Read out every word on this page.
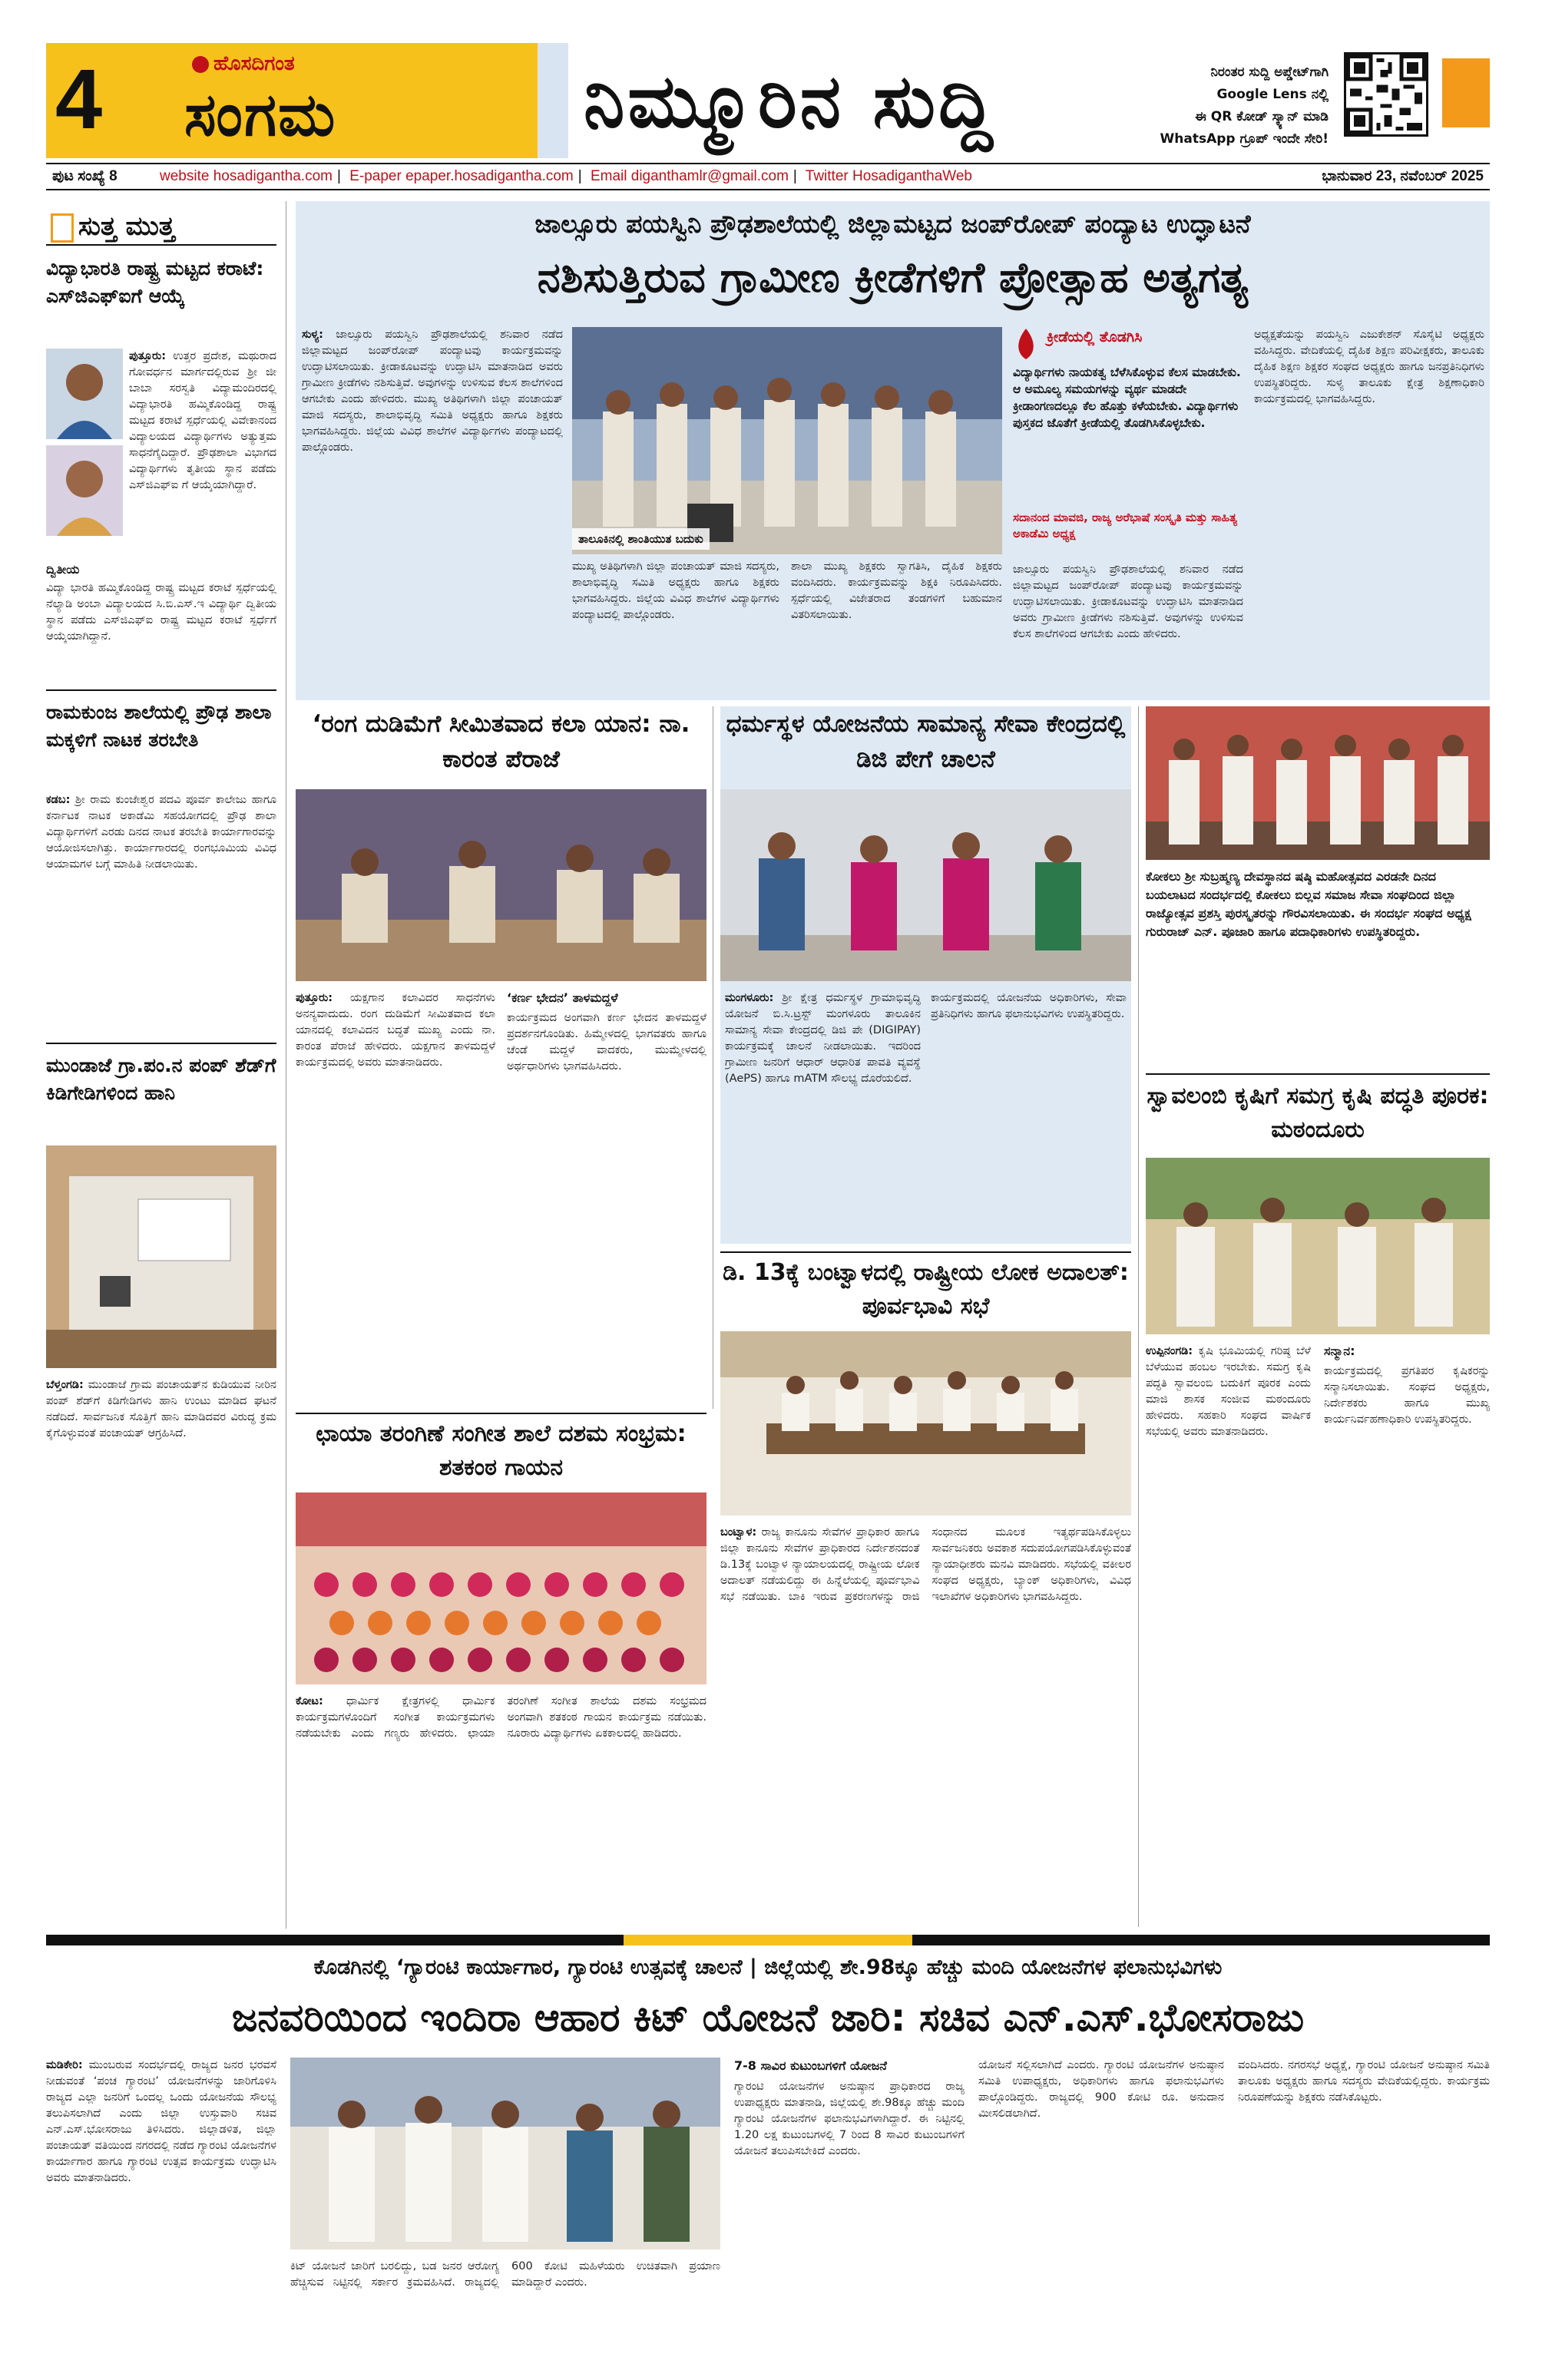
4	ಹೊಸದಿಗಂತ
ಸಂಗಮ	ನಿಮ್ಮೂರಿನ ಸುದ್ದಿ	ನಿರಂತರ ಸುದ್ದಿ ಅಪ್ಡೇಟ್‌ಗಾಗಿ
Google Lens ನಲ್ಲಿ
ಈ QR ಕೋಡ್ ಸ್ಕ್ಯಾನ್ ಮಾಡಿ
WhatsApp ಗ್ರೂಪ್ ಇಂದೇ ಸೇರಿ!
ಪುಟ ಸಂಖ್ಯೆ 8	website hosadigantha.com | E-paper epaper.hosadigantha.com | Email diganthamlr@gmail.com | Twitter HosadiganthaWeb	ಭಾನುವಾರ 23, ನವೆಂಬರ್ 2025
ಸುತ್ತ ಮುತ್ತ
ವಿದ್ಯಾಭಾರತಿ ರಾಷ್ಟ್ರ ಮಟ್ಟದ ಕರಾಟೆ: ಎಸ್‌ಜಿಎಫ್‌ಐಗೆ ಆಯ್ಕೆ
ಪುತ್ತೂರು: ಉತ್ತರ ಪ್ರದೇಶ, ಮಥುರಾದ ಗೋವರ್ಧನ ಮಾರ್ಗದಲ್ಲಿರುವ ಶ್ರೀ ಜೀ ಬಾಬಾ ಸರಸ್ವತಿ ವಿದ್ಯಾಮಂದಿರದಲ್ಲಿ ವಿದ್ಯಾಭಾರತಿ ಹಮ್ಮಿಕೊಂಡಿದ್ದ ರಾಷ್ಟ್ರ ಮಟ್ಟದ ಕರಾಟೆ ಸ್ಪರ್ಧೆಯಲ್ಲಿ ವಿವೇಕಾನಂದ ವಿದ್ಯಾಲಯದ ವಿದ್ಯಾರ್ಥಿಗಳು ಅತ್ಯುತ್ತಮ ಸಾಧನೆಗೈದಿದ್ದಾರೆ. ಪ್ರೌಢಶಾಲಾ ವಿಭಾಗದ ವಿದ್ಯಾರ್ಥಿಗಳು ತೃತೀಯ ಸ್ಥಾನ ಪಡೆದು ಎಸ್‌ಜಿಎಫ್‌ಐ ಗೆ ಆಯ್ಕೆಯಾಗಿದ್ದಾರೆ.
ದ್ವಿತೀಯ
ವಿದ್ಯಾ ಭಾರತಿ ಹಮ್ಮಿಕೊಂಡಿದ್ದ ರಾಷ್ಟ್ರ ಮಟ್ಟದ ಕರಾಟೆ ಸ್ಪರ್ಧೆಯಲ್ಲಿ ನೆಲ್ಯಾಡಿ ಅಂಬಾ ವಿದ್ಯಾಲಯದ ಸಿ.ಬಿ.ಎಸ್.ಇ ವಿದ್ಯಾರ್ಥಿ ದ್ವಿತೀಯ ಸ್ಥಾನ ಪಡೆದು ಎಸ್‌ಜಿಎಫ್‌ಐ ರಾಷ್ಟ್ರ ಮಟ್ಟದ ಕರಾಟೆ ಸ್ಪರ್ಧೆಗೆ ಆಯ್ಕೆಯಾಗಿದ್ದಾನೆ.
ರಾಮಕುಂಜ ಶಾಲೆಯಲ್ಲಿ ಪ್ರೌಢ ಶಾಲಾ ಮಕ್ಕಳಿಗೆ ನಾಟಕ ತರಬೇತಿ
ಕಡಬ: ಶ್ರೀ ರಾಮ ಕುಂಜೇಶ್ವರ ಪದವಿ ಪೂರ್ವ ಕಾಲೇಜು ಹಾಗೂ ಕರ್ನಾಟಕ ನಾಟಕ ಅಕಾಡೆಮಿ ಸಹಯೋಗದಲ್ಲಿ ಪ್ರೌಢ ಶಾಲಾ ವಿದ್ಯಾರ್ಥಿಗಳಿಗೆ ಎರಡು ದಿನದ ನಾಟಕ ತರಬೇತಿ ಕಾರ್ಯಾಗಾರವನ್ನು ಆಯೋಜಿಸಲಾಗಿತ್ತು. ಕಾರ್ಯಾಗಾರದಲ್ಲಿ ರಂಗಭೂಮಿಯ ವಿವಿಧ ಆಯಾಮಗಳ ಬಗ್ಗೆ ಮಾಹಿತಿ ನೀಡಲಾಯಿತು.
ಮುಂಡಾಜೆ ಗ್ರಾ.ಪಂ.ನ ಪಂಪ್ ಶೆಡ್‌ಗೆ ಕಿಡಿಗೇಡಿಗಳಿಂದ ಹಾನಿ
ಬೆಳ್ತಂಗಡಿ: ಮುಂಡಾಜೆ ಗ್ರಾಮ ಪಂಚಾಯತ್‌ನ ಕುಡಿಯುವ ನೀರಿನ ಪಂಪ್ ಶೆಡ್‌ಗೆ ಕಿಡಿಗೇಡಿಗಳು ಹಾನಿ ಉಂಟು ಮಾಡಿದ ಘಟನೆ ನಡೆದಿದೆ. ಸಾರ್ವಜನಿಕ ಸೊತ್ತಿಗೆ ಹಾನಿ ಮಾಡಿದವರ ವಿರುದ್ಧ ಕ್ರಮ ಕೈಗೊಳ್ಳುವಂತೆ ಪಂಚಾಯತ್ ಆಗ್ರಹಿಸಿದೆ.
ಜಾಲ್ಸೂರು ಪಯಸ್ವಿನಿ ಪ್ರೌಢಶಾಲೆಯಲ್ಲಿ ಜಿಲ್ಲಾಮಟ್ಟದ ಜಂಪ್‌ರೋಪ್ ಪಂದ್ಯಾಟ ಉದ್ಘಾಟನೆ
ನಶಿಸುತ್ತಿರುವ ಗ್ರಾಮೀಣ ಕ್ರೀಡೆಗಳಿಗೆ ಪ್ರೋತ್ಸಾಹ ಅತ್ಯಗತ್ಯ
ಸುಳ್ಯ: ಜಾಲ್ಸೂರು ಪಯಸ್ವಿನಿ ಪ್ರೌಢಶಾಲೆಯಲ್ಲಿ ಶನಿವಾರ ನಡೆದ ಜಿಲ್ಲಾಮಟ್ಟದ ಜಂಪ್‌ರೋಪ್ ಪಂದ್ಯಾಟವು ಕಾರ್ಯಕ್ರಮವನ್ನು ಉದ್ಘಾಟಿಸಲಾಯಿತು. ಕ್ರೀಡಾಕೂಟವನ್ನು ಉದ್ಘಾಟಿಸಿ ಮಾತನಾಡಿದ ಅವರು ಗ್ರಾಮೀಣ ಕ್ರೀಡೆಗಳು ನಶಿಸುತ್ತಿವೆ. ಅವುಗಳನ್ನು ಉಳಿಸುವ ಕೆಲಸ ಶಾಲೆಗಳಿಂದ ಆಗಬೇಕು ಎಂದು ಹೇಳಿದರು. ಮುಖ್ಯ ಅತಿಥಿಗಳಾಗಿ ಜಿಲ್ಲಾ ಪಂಚಾಯತ್ ಮಾಜಿ ಸದಸ್ಯರು, ಶಾಲಾಭಿವೃದ್ಧಿ ಸಮಿತಿ ಅಧ್ಯಕ್ಷರು ಹಾಗೂ ಶಿಕ್ಷಕರು ಭಾಗವಹಿಸಿದ್ದರು. ಜಿಲ್ಲೆಯ ವಿವಿಧ ಶಾಲೆಗಳ ವಿದ್ಯಾರ್ಥಿಗಳು ಪಂದ್ಯಾಟದಲ್ಲಿ ಪಾಲ್ಗೊಂಡರು.
ತಾಲೂಕಿನಲ್ಲಿ ಶಾಂತಿಯುತ ಬದುಕು
ಮುಖ್ಯ ಅತಿಥಿಗಳಾಗಿ ಜಿಲ್ಲಾ ಪಂಚಾಯತ್ ಮಾಜಿ ಸದಸ್ಯರು, ಶಾಲಾಭಿವೃದ್ಧಿ ಸಮಿತಿ ಅಧ್ಯಕ್ಷರು ಹಾಗೂ ಶಿಕ್ಷಕರು ಭಾಗವಹಿಸಿದ್ದರು. ಜಿಲ್ಲೆಯ ವಿವಿಧ ಶಾಲೆಗಳ ವಿದ್ಯಾರ್ಥಿಗಳು ಪಂದ್ಯಾಟದಲ್ಲಿ ಪಾಲ್ಗೊಂಡರು.
ಶಾಲಾ ಮುಖ್ಯ ಶಿಕ್ಷಕರು ಸ್ವಾಗತಿಸಿ, ದೈಹಿಕ ಶಿಕ್ಷಕರು ವಂದಿಸಿದರು. ಕಾರ್ಯಕ್ರಮವನ್ನು ಶಿಕ್ಷಕಿ ನಿರೂಪಿಸಿದರು. ಸ್ಪರ್ಧೆಯಲ್ಲಿ ವಿಜೇತರಾದ ತಂಡಗಳಿಗೆ ಬಹುಮಾನ ವಿತರಿಸಲಾಯಿತು.
ಕ್ರೀಡೆಯಲ್ಲಿ ತೊಡಗಿಸಿ
ವಿದ್ಯಾರ್ಥಿಗಳು ನಾಯಕತ್ವ ಬೆಳೆಸಿಕೊಳ್ಳುವ ಕೆಲಸ ಮಾಡಬೇಕು. ಆ ಅಮೂಲ್ಯ ಸಮಯಗಳನ್ನು ವ್ಯರ್ಥ ಮಾಡದೇ ಕ್ರೀಡಾಂಗಣದಲ್ಲೂ ಕೆಲ ಹೊತ್ತು ಕಳೆಯಬೇಕು. ವಿದ್ಯಾರ್ಥಿಗಳು ಪುಸ್ತಕದ ಜೊತೆಗೆ ಕ್ರೀಡೆಯಲ್ಲಿ ತೊಡಗಿಸಿಕೊಳ್ಳಬೇಕು.
ಸದಾನಂದ ಮಾವಜಿ, ರಾಜ್ಯ ಅರೆಭಾಷೆ ಸಂಸ್ಕೃತಿ ಮತ್ತು ಸಾಹಿತ್ಯ ಅಕಾಡೆಮಿ ಅಧ್ಯಕ್ಷ
ಜಾಲ್ಸೂರು ಪಯಸ್ವಿನಿ ಪ್ರೌಢಶಾಲೆಯಲ್ಲಿ ಶನಿವಾರ ನಡೆದ ಜಿಲ್ಲಾಮಟ್ಟದ ಜಂಪ್‌ರೋಪ್ ಪಂದ್ಯಾಟವು ಕಾರ್ಯಕ್ರಮವನ್ನು ಉದ್ಘಾಟಿಸಲಾಯಿತು. ಕ್ರೀಡಾಕೂಟವನ್ನು ಉದ್ಘಾಟಿಸಿ ಮಾತನಾಡಿದ ಅವರು ಗ್ರಾಮೀಣ ಕ್ರೀಡೆಗಳು ನಶಿಸುತ್ತಿವೆ. ಅವುಗಳನ್ನು ಉಳಿಸುವ ಕೆಲಸ ಶಾಲೆಗಳಿಂದ ಆಗಬೇಕು ಎಂದು ಹೇಳಿದರು.
ಅಧ್ಯಕ್ಷತೆಯನ್ನು ಪಯಸ್ವಿನಿ ಎಜುಕೇಶನ್ ಸೊಸೈಟಿ ಅಧ್ಯಕ್ಷರು ವಹಿಸಿದ್ದರು. ವೇದಿಕೆಯಲ್ಲಿ ದೈಹಿಕ ಶಿಕ್ಷಣ ಪರಿವೀಕ್ಷಕರು, ತಾಲೂಕು ದೈಹಿಕ ಶಿಕ್ಷಣ ಶಿಕ್ಷಕರ ಸಂಘದ ಅಧ್ಯಕ್ಷರು ಹಾಗೂ ಜನಪ್ರತಿನಿಧಿಗಳು ಉಪಸ್ಥಿತರಿದ್ದರು. ಸುಳ್ಯ ತಾಲೂಕು ಕ್ಷೇತ್ರ ಶಿಕ್ಷಣಾಧಿಕಾರಿ ಕಾರ್ಯಕ್ರಮದಲ್ಲಿ ಭಾಗವಹಿಸಿದ್ದರು.
‘ರಂಗ ದುಡಿಮೆಗೆ ಸೀಮಿತವಾದ ಕಲಾ ಯಾನ: ನಾ. ಕಾರಂತ ಪೆರಾಜೆ
ಪುತ್ತೂರು: ಯಕ್ಷಗಾನ ಕಲಾವಿದರ ಸಾಧನೆಗಳು ಅನನ್ಯವಾದುದು. ರಂಗ ದುಡಿಮೆಗೆ ಸೀಮಿತವಾದ ಕಲಾ ಯಾನದಲ್ಲಿ ಕಲಾವಿದನ ಬದ್ಧತೆ ಮುಖ್ಯ ಎಂದು ನಾ. ಕಾರಂತ ಪೆರಾಜೆ ಹೇಳಿದರು. ಯಕ್ಷಗಾನ ತಾಳಮದ್ದಳೆ ಕಾರ್ಯಕ್ರಮದಲ್ಲಿ ಅವರು ಮಾತನಾಡಿದರು.
‘ಕರ್ಣ ಭೇದನ’ ತಾಳಮದ್ದಳೆ
ಕಾರ್ಯಕ್ರಮದ ಅಂಗವಾಗಿ ಕರ್ಣ ಭೇದನ ತಾಳಮದ್ದಳೆ ಪ್ರದರ್ಶನಗೊಂಡಿತು. ಹಿಮ್ಮೇಳದಲ್ಲಿ ಭಾಗವತರು ಹಾಗೂ ಚೆಂಡೆ ಮದ್ದಳೆ ವಾದಕರು, ಮುಮ್ಮೇಳದಲ್ಲಿ ಅರ್ಥಧಾರಿಗಳು ಭಾಗವಹಿಸಿದರು.
ಧರ್ಮಸ್ಥಳ ಯೋಜನೆಯ ಸಾಮಾನ್ಯ ಸೇವಾ ಕೇಂದ್ರದಲ್ಲಿ ಡಿಜಿ ಪೇಗೆ ಚಾಲನೆ
ಮಂಗಳೂರು: ಶ್ರೀ ಕ್ಷೇತ್ರ ಧರ್ಮಸ್ಥಳ ಗ್ರಾಮಾಭಿವೃದ್ಧಿ ಯೋಜನೆ ಬಿ.ಸಿ.ಟ್ರಸ್ಟ್ ಮಂಗಳೂರು ತಾಲೂಕಿನ ಸಾಮಾನ್ಯ ಸೇವಾ ಕೇಂದ್ರದಲ್ಲಿ ಡಿಜಿ ಪೇ (DIGIPAY) ಕಾರ್ಯಕ್ರಮಕ್ಕೆ ಚಾಲನೆ ನೀಡಲಾಯಿತು. ಇದರಿಂದ ಗ್ರಾಮೀಣ ಜನರಿಗೆ ಆಧಾರ್ ಆಧಾರಿತ ಪಾವತಿ ವ್ಯವಸ್ಥೆ (AePS) ಹಾಗೂ mATM ಸೌಲಭ್ಯ ದೊರೆಯಲಿದೆ.
ಕಾರ್ಯಕ್ರಮದಲ್ಲಿ ಯೋಜನೆಯ ಅಧಿಕಾರಿಗಳು, ಸೇವಾ ಪ್ರತಿನಿಧಿಗಳು ಹಾಗೂ ಫಲಾನುಭವಿಗಳು ಉಪಸ್ಥಿತರಿದ್ದರು.
ಕೋಕಲು ಶ್ರೀ ಸುಬ್ರಹ್ಮಣ್ಯ ದೇವಸ್ಥಾನದ ಷಷ್ಠಿ ಮಹೋತ್ಸವದ ಎರಡನೇ ದಿನದ ಬಯಲಾಟದ ಸಂದರ್ಭದಲ್ಲಿ ಕೋಕಲು ಬಿಲ್ಲವ ಸಮಾಜ ಸೇವಾ ಸಂಘದಿಂದ ಜಿಲ್ಲಾ ರಾಜ್ಯೋತ್ಸವ ಪ್ರಶಸ್ತಿ ಪುರಸ್ಕೃತರನ್ನು ಗೌರವಿಸಲಾಯಿತು. ಈ ಸಂದರ್ಭ ಸಂಘದ ಅಧ್ಯಕ್ಷ ಗುರುರಾಜ್ ಎನ್. ಪೂಜಾರಿ ಹಾಗೂ ಪದಾಧಿಕಾರಿಗಳು ಉಪಸ್ಥಿತರಿದ್ದರು.
ಸ್ವಾವಲಂಬಿ ಕೃಷಿಗೆ ಸಮಗ್ರ ಕೃಷಿ ಪದ್ಧತಿ ಪೂರಕ: ಮಠಂದೂರು
ಉಪ್ಪಿನಂಗಡಿ: ಕೃಷಿ ಭೂಮಿಯಲ್ಲಿ ಗರಿಷ್ಠ ಬೆಳೆ ಬೆಳೆಯುವ ಹಂಬಲ ಇರಬೇಕು. ಸಮಗ್ರ ಕೃಷಿ ಪದ್ಧತಿ ಸ್ವಾವಲಂಬಿ ಬದುಕಿಗೆ ಪೂರಕ ಎಂದು ಮಾಜಿ ಶಾಸಕ ಸಂಜೀವ ಮಠಂದೂರು ಹೇಳಿದರು. ಸಹಕಾರಿ ಸಂಘದ ವಾರ್ಷಿಕ ಸಭೆಯಲ್ಲಿ ಅವರು ಮಾತನಾಡಿದರು.
ಸನ್ಮಾನ:
ಕಾರ್ಯಕ್ರಮದಲ್ಲಿ ಪ್ರಗತಿಪರ ಕೃಷಿಕರನ್ನು ಸನ್ಮಾನಿಸಲಾಯಿತು. ಸಂಘದ ಅಧ್ಯಕ್ಷರು, ನಿರ್ದೇಶಕರು ಹಾಗೂ ಮುಖ್ಯ ಕಾರ್ಯನಿರ್ವಹಣಾಧಿಕಾರಿ ಉಪಸ್ಥಿತರಿದ್ದರು.
ಛಾಯಾ ತರಂಗಿಣೆ ಸಂಗೀತ ಶಾಲೆ ದಶಮ ಸಂಭ್ರಮ: ಶತಕಂಠ ಗಾಯನ
ಕೋಟ: ಧಾರ್ಮಿಕ ಕ್ಷೇತ್ರಗಳಲ್ಲಿ ಧಾರ್ಮಿಕ ಕಾರ್ಯಕ್ರಮಗಳೊಂದಿಗೆ ಸಂಗೀತ ಕಾರ್ಯಕ್ರಮಗಳು ನಡೆಯಬೇಕು ಎಂದು ಗಣ್ಯರು ಹೇಳಿದರು. ಛಾಯಾ ತರಂಗಿಣೆ ಸಂಗೀತ ಶಾಲೆಯ ದಶಮ ಸಂಭ್ರಮದ ಅಂಗವಾಗಿ ಶತಕಂಠ ಗಾಯನ ಕಾರ್ಯಕ್ರಮ ನಡೆಯಿತು. ನೂರಾರು ವಿದ್ಯಾರ್ಥಿಗಳು ಏಕಕಾಲದಲ್ಲಿ ಹಾಡಿದರು.
ಡಿ. 13ಕ್ಕೆ ಬಂಟ್ವಾಳದಲ್ಲಿ ರಾಷ್ಟ್ರೀಯ ಲೋಕ ಅದಾಲತ್: ಪೂರ್ವಭಾವಿ ಸಭೆ
ಬಂಟ್ವಾಳ: ರಾಜ್ಯ ಕಾನೂನು ಸೇವೆಗಳ ಪ್ರಾಧಿಕಾರ ಹಾಗೂ ಜಿಲ್ಲಾ ಕಾನೂನು ಸೇವೆಗಳ ಪ್ರಾಧಿಕಾರದ ನಿರ್ದೇಶನದಂತೆ ಡಿ.13ಕ್ಕೆ ಬಂಟ್ವಾಳ ನ್ಯಾಯಾಲಯದಲ್ಲಿ ರಾಷ್ಟ್ರೀಯ ಲೋಕ ಅದಾಲತ್ ನಡೆಯಲಿದ್ದು ಈ ಹಿನ್ನೆಲೆಯಲ್ಲಿ ಪೂರ್ವಭಾವಿ ಸಭೆ ನಡೆಯಿತು. ಬಾಕಿ ಇರುವ ಪ್ರಕರಣಗಳನ್ನು ರಾಜಿ ಸಂಧಾನದ ಮೂಲಕ ಇತ್ಯರ್ಥಪಡಿಸಿಕೊಳ್ಳಲು ಸಾರ್ವಜನಿಕರು ಅವಕಾಶ ಸದುಪಯೋಗಪಡಿಸಿಕೊಳ್ಳುವಂತೆ ನ್ಯಾಯಾಧೀಶರು ಮನವಿ ಮಾಡಿದರು. ಸಭೆಯಲ್ಲಿ ವಕೀಲರ ಸಂಘದ ಅಧ್ಯಕ್ಷರು, ಬ್ಯಾಂಕ್ ಅಧಿಕಾರಿಗಳು, ವಿವಿಧ ಇಲಾಖೆಗಳ ಅಧಿಕಾರಿಗಳು ಭಾಗವಹಿಸಿದ್ದರು.
ಕೊಡಗಿನಲ್ಲಿ ‘ಗ್ಯಾರಂಟಿ ಕಾರ್ಯಾಗಾರ, ಗ್ಯಾರಂಟಿ ಉತ್ಸವಕ್ಕೆ ಚಾಲನೆ | ಜಿಲ್ಲೆಯಲ್ಲಿ ಶೇ.98ಕ್ಕೂ ಹೆಚ್ಚು ಮಂದಿ ಯೋಜನೆಗಳ ಫಲಾನುಭವಿಗಳು
ಜನವರಿಯಿಂದ ಇಂದಿರಾ ಆಹಾರ ಕಿಟ್ ಯೋಜನೆ ಜಾರಿ: ಸಚಿವ ಎನ್.ಎಸ್.ಭೋಸರಾಜು
ಮಡಿಕೇರಿ: ಮುಂಬರುವ ಸಂದರ್ಭದಲ್ಲಿ ರಾಜ್ಯದ ಜನರ ಭರವಸೆ ನೀಡುವಂತೆ ‘ಪಂಚ ಗ್ಯಾರಂಟಿ’ ಯೋಜನೆಗಳನ್ನು ಜಾರಿಗೊಳಿಸಿ ರಾಜ್ಯದ ಎಲ್ಲಾ ಜನರಿಗೆ ಒಂದಲ್ಲ ಒಂದು ಯೋಜನೆಯ ಸೌಲಭ್ಯ ತಲುಪಿಸಲಾಗಿದೆ ಎಂದು ಜಿಲ್ಲಾ ಉಸ್ತುವಾರಿ ಸಚಿವ ಎನ್.ಎಸ್.ಭೋಸರಾಜು ತಿಳಿಸಿದರು. ಜಿಲ್ಲಾಡಳಿತ, ಜಿಲ್ಲಾ ಪಂಚಾಯತ್ ವತಿಯಿಂದ ನಗರದಲ್ಲಿ ನಡೆದ ಗ್ಯಾರಂಟಿ ಯೋಜನೆಗಳ ಕಾರ್ಯಾಗಾರ ಹಾಗೂ ಗ್ಯಾರಂಟಿ ಉತ್ಸವ ಕಾರ್ಯಕ್ರಮ ಉದ್ಘಾಟಿಸಿ ಅವರು ಮಾತನಾಡಿದರು.
ಕಿಟ್ ಯೋಜನೆ ಜಾರಿಗೆ ಬರಲಿದ್ದು, ಬಡ ಜನರ ಆರೋಗ್ಯ ಹೆಚ್ಚಿಸುವ ನಿಟ್ಟಿನಲ್ಲಿ ಸರ್ಕಾರ ಕ್ರಮವಹಿಸಿದೆ. ರಾಜ್ಯದಲ್ಲಿ 600 ಕೋಟಿ ಮಹಿಳೆಯರು ಉಚಿತವಾಗಿ ಪ್ರಯಾಣ ಮಾಡಿದ್ದಾರೆ ಎಂದರು.
7-8 ಸಾವಿರ ಕುಟುಂಬಗಳಿಗೆ ಯೋಜನೆ
ಗ್ಯಾರಂಟಿ ಯೋಜನೆಗಳ ಅನುಷ್ಠಾನ ಪ್ರಾಧಿಕಾರದ ರಾಜ್ಯ ಉಪಾಧ್ಯಕ್ಷರು ಮಾತನಾಡಿ, ಜಿಲ್ಲೆಯಲ್ಲಿ ಶೇ.98ಕ್ಕೂ ಹೆಚ್ಚು ಮಂದಿ ಗ್ಯಾರಂಟಿ ಯೋಜನೆಗಳ ಫಲಾನುಭವಿಗಳಾಗಿದ್ದಾರೆ. ಈ ನಿಟ್ಟಿನಲ್ಲಿ 1.20 ಲಕ್ಷ ಕುಟುಂಬಗಳಲ್ಲಿ 7 ರಿಂದ 8 ಸಾವಿರ ಕುಟುಂಬಗಳಿಗೆ ಯೋಜನೆ ತಲುಪಿಸಬೇಕಿದೆ ಎಂದರು.
ಯೋಜನೆ ಸಲ್ಲಿಸಲಾಗಿದೆ ಎಂದರು. ಗ್ಯಾರಂಟಿ ಯೋಜನೆಗಳ ಅನುಷ್ಠಾನ ಸಮಿತಿ ಉಪಾಧ್ಯಕ್ಷರು, ಅಧಿಕಾರಿಗಳು ಹಾಗೂ ಫಲಾನುಭವಿಗಳು ಪಾಲ್ಗೊಂಡಿದ್ದರು. ರಾಜ್ಯದಲ್ಲಿ 900 ಕೋಟಿ ರೂ. ಅನುದಾನ ಮೀಸಲಿಡಲಾಗಿದೆ.
ವಂದಿಸಿದರು. ನಗರಸಭೆ ಅಧ್ಯಕ್ಷೆ, ಗ್ಯಾರಂಟಿ ಯೋಜನೆ ಅನುಷ್ಠಾನ ಸಮಿತಿ ತಾಲೂಕು ಅಧ್ಯಕ್ಷರು ಹಾಗೂ ಸದಸ್ಯರು ವೇದಿಕೆಯಲ್ಲಿದ್ದರು. ಕಾರ್ಯಕ್ರಮ ನಿರೂಪಣೆಯನ್ನು ಶಿಕ್ಷಕರು ನಡೆಸಿಕೊಟ್ಟರು.
